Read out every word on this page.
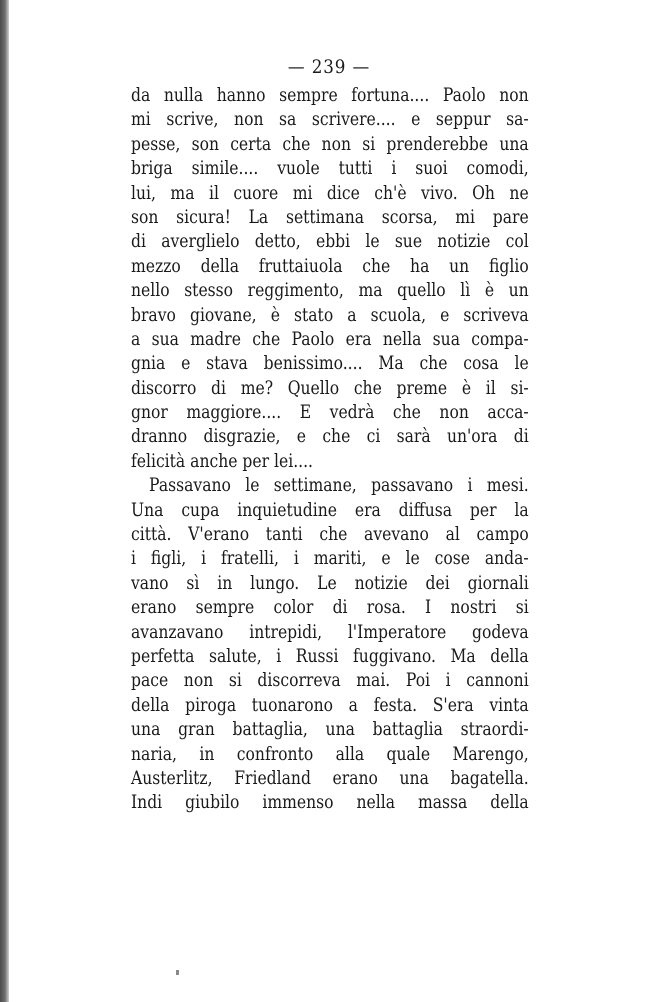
— 239 —
da nulla hanno sempre fortuna.... Paolo non
mi scrive, non sa scrivere.... e seppur sa-
pesse, son certa che non si prenderebbe una
briga simile.... vuole tutti i suoi comodi,
lui, ma il cuore mi dice ch'è vivo. Oh ne
son sicura! La settimana scorsa, mi pare
di averglielo detto, ebbi le sue notizie col
mezzo della fruttaiuola che ha un figlio
nello stesso reggimento, ma quello lì è un
bravo giovane, è stato a scuola, e scriveva
a sua madre che Paolo era nella sua compa-
gnia e stava benissimo.... Ma che cosa le
discorro di me? Quello che preme è il si-
gnor maggiore.... E vedrà che non acca-
dranno disgrazie, e che ci sarà un'ora di
felicità anche per lei....
Passavano le settimane, passavano i mesi.
Una cupa inquietudine era diffusa per la
città. V'erano tanti che avevano al campo
i figli, i fratelli, i mariti, e le cose anda-
vano sì in lungo. Le notizie dei giornali
erano sempre color di rosa. I nostri si
avanzavano intrepidi, l'Imperatore godeva
perfetta salute, i Russi fuggivano. Ma della
pace non si discorreva mai. Poi i cannoni
della piroga tuonarono a festa. S'era vinta
una gran battaglia, una battaglia straordi-
naria, in confronto alla quale Marengo,
Austerlitz, Friedland erano una bagatella.
Indi giubilo immenso nella massa della
